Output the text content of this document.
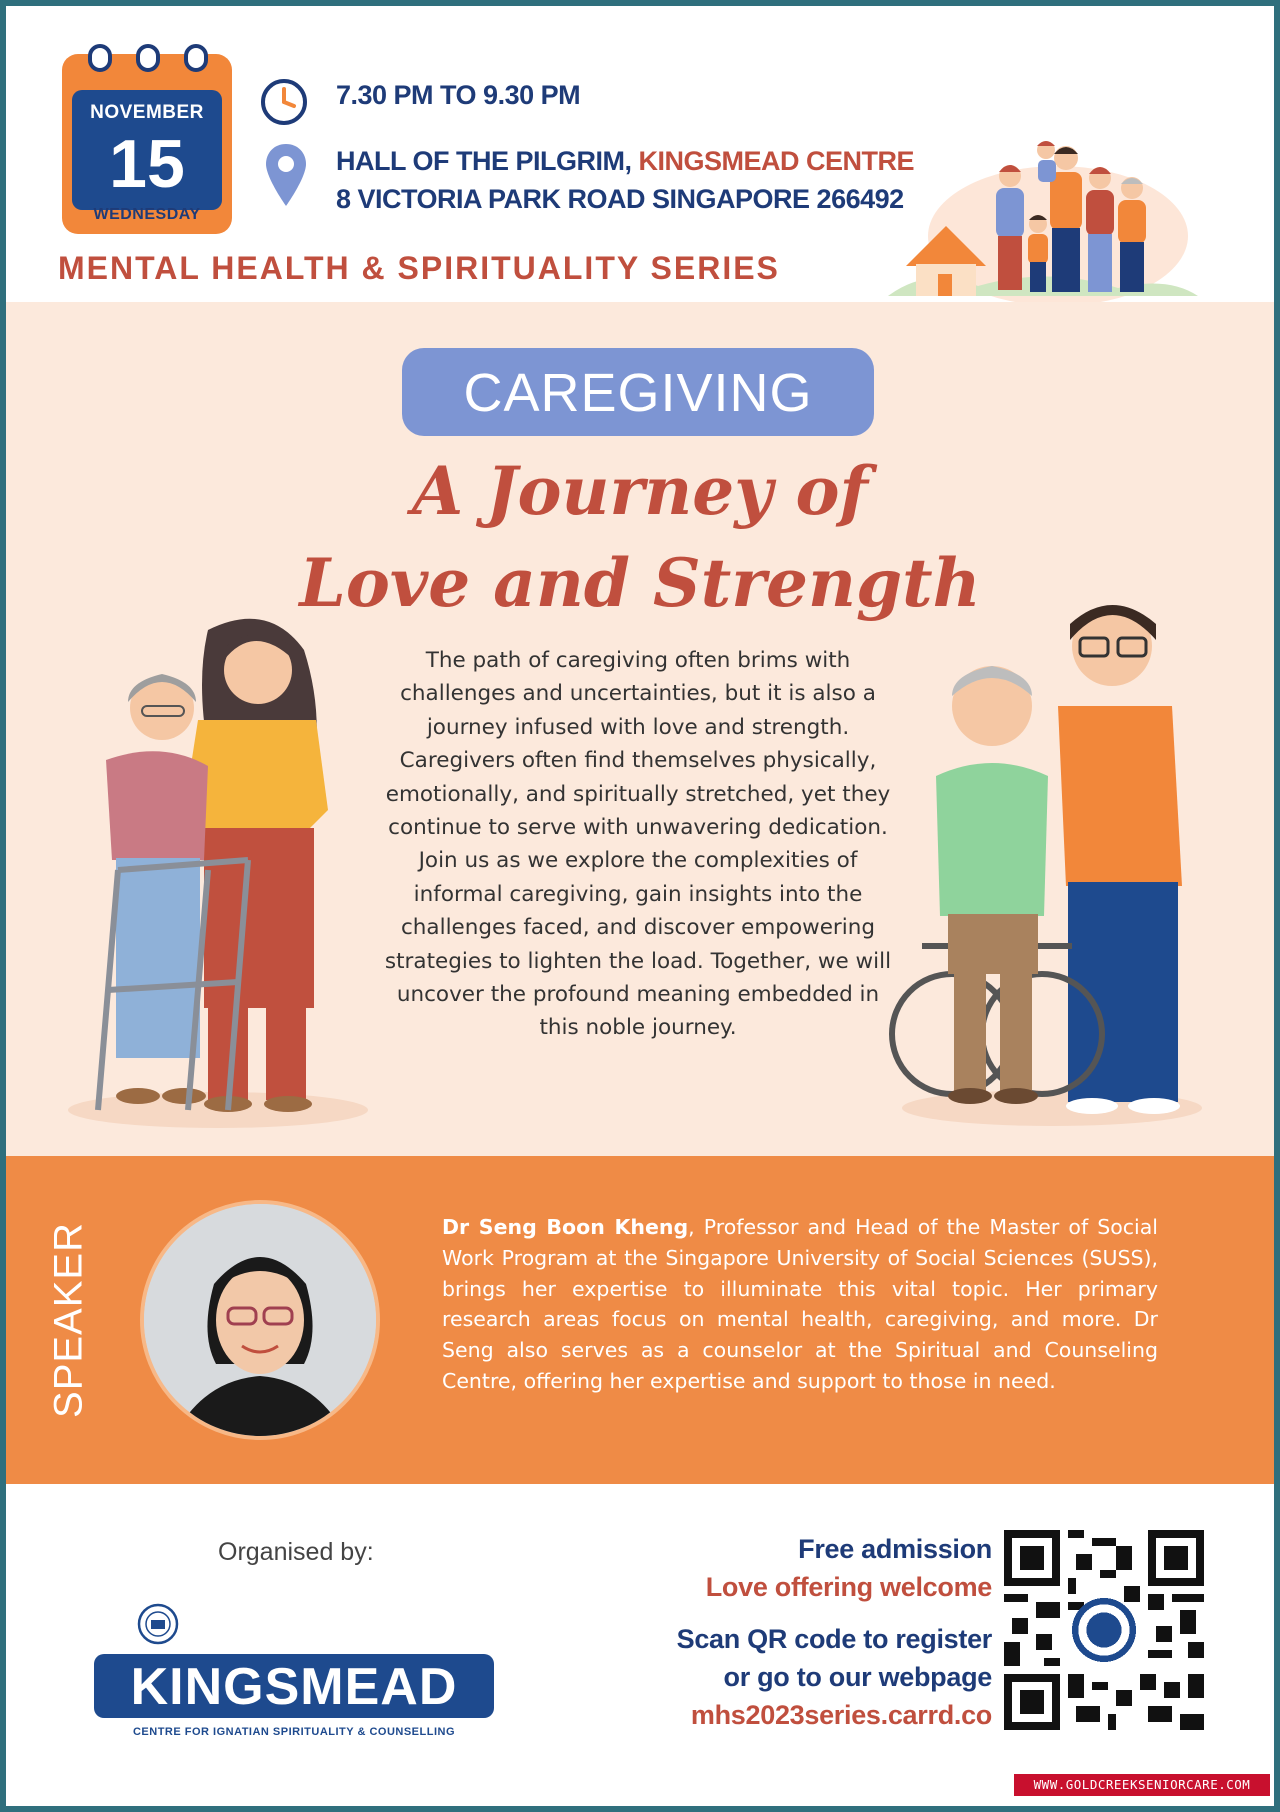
NOVEMBER
15
WEDNESDAY
7.30 PM TO 9.30 PM
HALL OF THE PILGRIM, KINGSMEAD CENTRE
8 VICTORIA PARK ROAD SINGAPORE 266492
MENTAL HEALTH & SPIRITUALITY SERIES
CAREGIVING
A Journey of
Love and Strength

The path of caregiving often brims with challenges and uncertainties, but it is also a journey infused with love and strength. Caregivers often find themselves physically, emotionally, and spiritually stretched, yet they continue to serve with unwavering dedication.

Join us as we explore the complexities of informal caregiving, gain insights into the challenges faced, and discover empowering strategies to lighten the load. Together, we will uncover the profound meaning embedded in this noble journey.

SPEAKER	Dr Seng Boon Kheng, Professor and Head of the Master of Social Work Program at the Singapore University of Social Sciences (SUSS), brings her expertise to illuminate this vital topic. Her primary research areas focus on mental health, caregiving, and more. Dr Seng also serves as a counselor at the Spiritual and Counseling Centre, offering her expertise and support to those in need.
Organised by:
KINGSMEAD
CENTRE FOR IGNATIAN SPIRITUALITY & COUNSELLING
Free admission
Love offering welcome
Scan QR code to register
or go to our webpage
mhs2023series.carrd.co
WWW.GOLDCREEKSENIORCARE.COM
